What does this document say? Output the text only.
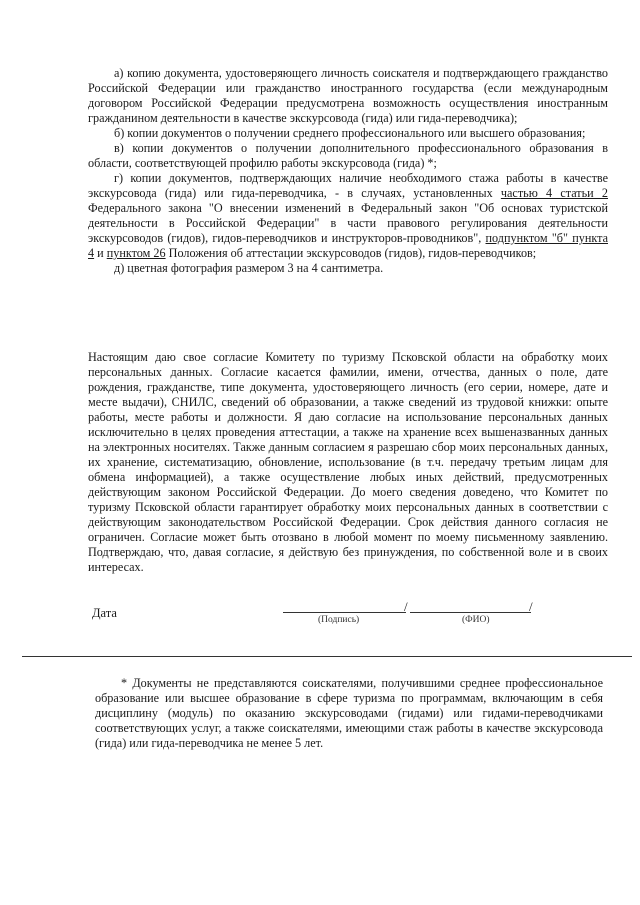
а) копию документа, удостоверяющего личность соискателя и подтверждающего гражданство Российской Федерации или гражданство иностранного государства (если международным договором Российской Федерации предусмотрена возможность осуществления иностранным гражданином деятельности в качестве экскурсовода (гида) или гида-переводчика);

б) копии документов о получении среднего профессионального или высшего образования;

в) копии документов о получении дополнительного профессионального образования в области, соответствующей профилю работы экскурсовода (гида) *;

г) копии документов, подтверждающих наличие необходимого стажа работы в качестве экскурсовода (гида) или гида-переводчика, - в случаях, установленных частью 4 статьи 2 Федерального закона "О внесении изменений в Федеральный закон "Об основах туристской деятельности в Российской Федерации" в части правового регулирования деятельности экскурсоводов (гидов), гидов-переводчиков и инструкторов-проводников", подпунктом "б" пункта 4 и пунктом 26 Положения об аттестации экскурсоводов (гидов), гидов-переводчиков;

д) цветная фотография размером 3 на 4 сантиметра.

Настоящим даю свое согласие Комитету по туризму Псковской области на обработку моих персональных данных. Согласие касается фамилии, имени, отчества, данных о поле, дате рождения, гражданстве, типе документа, удостоверяющего личность (его серии, номере, дате и месте выдачи), СНИЛС, сведений об образовании, а также сведений из трудовой книжки: опыте работы, месте работы и должности. Я даю согласие на использование персональных данных исключительно в целях проведения аттестации, а также на хранение всех вышеназванных данных на электронных носителях. Также данным согласием я разрешаю сбор моих персональных данных, их хранение, систематизацию, обновление, использование (в т.ч. передачу третьим лицам для обмена информацией), а также осуществление любых иных действий, предусмотренных действующим законом Российской Федерации. До моего сведения доведено, что Комитет по туризму Псковской области гарантирует обработку моих персональных данных в соответствии с действующим законодательством Российской Федерации. Срок действия данного согласия не ограничен. Согласие может быть отозвано в любой момент по моему письменному заявлению. Подтверждаю, что, давая согласие, я действую без принуждения, по собственной воле и в своих интересах.

Дата	/	/
(Подпись)	(ФИО)

* Документы не представляются соискателями, получившими среднее профессиональное образование или высшее образование в сфере туризма по программам, включающим в себя дисциплину (модуль) по оказанию экскурсоводами (гидами) или гидами-переводчиками соответствующих услуг, а также соискателями, имеющими стаж работы в качестве экскурсовода (гида) или гида-переводчика не менее 5 лет.
